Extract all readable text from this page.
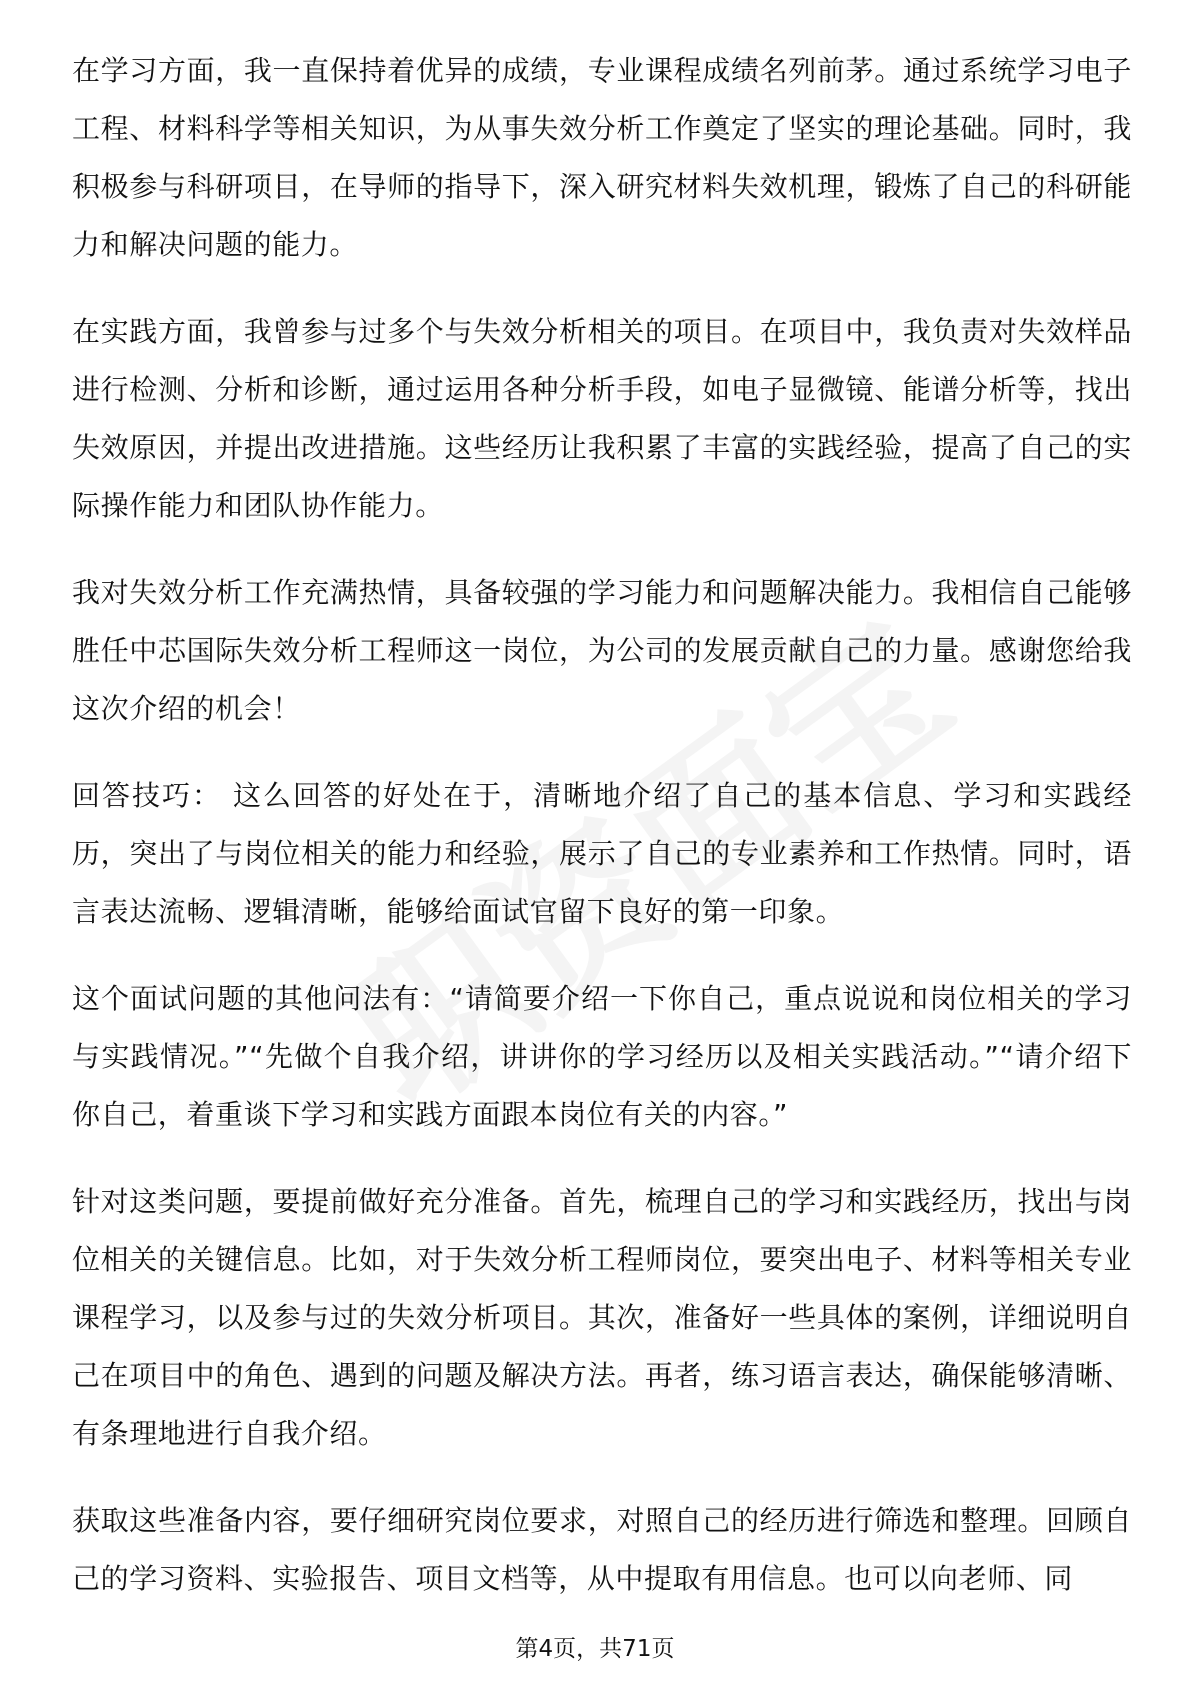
在学习方面，我一直保持着优异的成绩，专业课程成绩名列前茅。通过系统学习电子工程、材料科学等相关知识，为从事失效分析工作奠定了坚实的理论基础。同时，我积极参与科研项目，在导师的指导下，深入研究材料失效机理，锻炼了自己的科研能力和解决问题的能力。

在实践方面，我曾参与过多个与失效分析相关的项目。在项目中，我负责对失效样品进行检测、分析和诊断，通过运用各种分析手段，如电子显微镜、能谱分析等，找出失效原因，并提出改进措施。这些经历让我积累了丰富的实践经验，提高了自己的实际操作能力和团队协作能力。

我对失效分析工作充满热情，具备较强的学习能力和问题解决能力。我相信自己能够胜任中芯国际失效分析工程师这一岗位，为公司的发展贡献自己的力量。感谢您给我这次介绍的机会！

回答技巧： 这么回答的好处在于，清晰地介绍了自己的基本信息、学习和实践经历，突出了与岗位相关的能力和经验，展示了自己的专业素养和工作热情。同时，语言表达流畅、逻辑清晰，能够给面试官留下良好的第一印象。

这个面试问题的其他问法有：“请简要介绍一下你自己，重点说说和岗位相关的学习与实践情况。”“先做个自我介绍，讲讲你的学习经历以及相关实践活动。”“请介绍下你自己，着重谈下学习和实践方面跟本岗位有关的内容。”

针对这类问题，要提前做好充分准备。首先，梳理自己的学习和实践经历，找出与岗位相关的关键信息。比如，对于失效分析工程师岗位，要突出电子、材料等相关专业课程学习，以及参与过的失效分析项目。其次，准备好一些具体的案例，详细说明自己在项目中的角色、遇到的问题及解决方法。再者，练习语言表达，确保能够清晰、有条理地进行自我介绍。

获取这些准备内容，要仔细研究岗位要求，对照自己的经历进行筛选和整理。回顾自己的学习资料、实验报告、项目文档等，从中提取有用信息。也可以向老师、同

第4页，共71页
